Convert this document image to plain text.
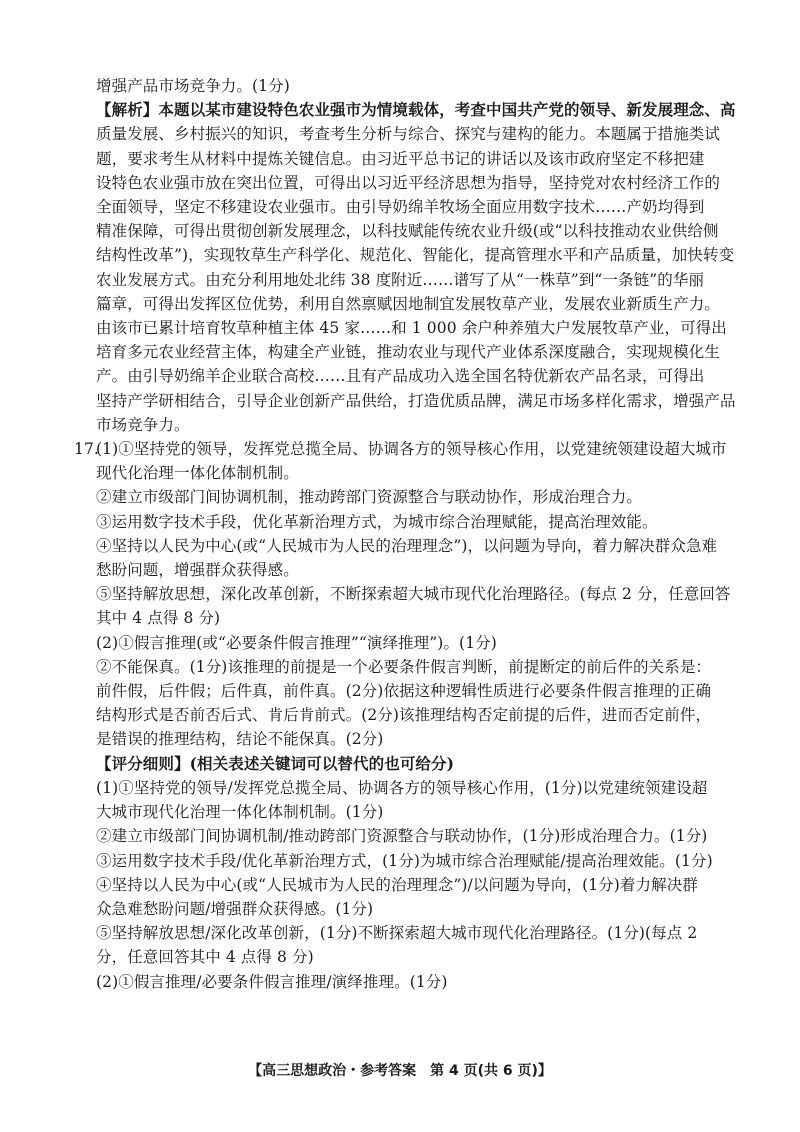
增强产品市场竞争力。(1分)
【解析】本题以某市建设特色农业强市为情境载体，考查中国共产党的领导、新发展理念、高
质量发展、乡村振兴的知识，考查考生分析与综合、探究与建构的能力。本题属于措施类试
题，要求考生从材料中提炼关键信息。由习近平总书记的讲话以及该市政府坚定不移把建
设特色农业强市放在突出位置，可得出以习近平经济思想为指导，坚持党对农村经济工作的
全面领导，坚定不移建设农业强市。由引导奶绵羊牧场全面应用数字技术……产奶均得到
精准保障，可得出贯彻创新发展理念，以科技赋能传统农业升级(或“以科技推动农业供给侧
结构性改革”)，实现牧草生产科学化、规范化、智能化，提高管理水平和产品质量，加快转变
农业发展方式。由充分利用地处北纬 38 度附近……谱写了从“一株草”到“一条链”的华丽
篇章，可得出发挥区位优势，利用自然禀赋因地制宜发展牧草产业，发展农业新质生产力。
由该市已累计培育牧草种植主体 45 家……和 1 000 余户种养殖大户发展牧草产业，可得出
培育多元农业经营主体，构建全产业链，推动农业与现代产业体系深度融合，实现规模化生
产。由引导奶绵羊企业联合高校……且有产品成功入选全国名特优新农产品名录，可得出
坚持产学研相结合，引导企业创新产品供给，打造优质品牌，满足市场多样化需求，增强产品
市场竞争力。
17.
(1)①坚持党的领导，发挥党总揽全局、协调各方的领导核心作用，以党建统领建设超大城市
现代化治理一体化体制机制。
②建立市级部门间协调机制，推动跨部门资源整合与联动协作，形成治理合力。
③运用数字技术手段，优化革新治理方式，为城市综合治理赋能，提高治理效能。
④坚持以人民为中心(或“人民城市为人民的治理理念”)，以问题为导向，着力解决群众急难
愁盼问题，增强群众获得感。
⑤坚持解放思想，深化改革创新，不断探索超大城市现代化治理路径。(每点 2 分，任意回答
其中 4 点得 8 分)
(2)①假言推理(或“必要条件假言推理”“演绎推理”)。(1分)
②不能保真。(1分)该推理的前提是一个必要条件假言判断，前提断定的前后件的关系是：
前件假，后件假；后件真，前件真。(2分)依据这种逻辑性质进行必要条件假言推理的正确
结构形式是否前否后式、肯后肯前式。(2分)该推理结构否定前提的后件，进而否定前件，
是错误的推理结构，结论不能保真。(2分)
【评分细则】(相关表述关键词可以替代的也可给分)
(1)①坚持党的领导/发挥党总揽全局、协调各方的领导核心作用，(1分)以党建统领建设超
大城市现代化治理一体化体制机制。(1分)
②建立市级部门间协调机制/推动跨部门资源整合与联动协作，(1分)形成治理合力。(1分)
③运用数字技术手段/优化革新治理方式，(1分)为城市综合治理赋能/提高治理效能。(1分)
④坚持以人民为中心(或“人民城市为人民的治理理念”)/以问题为导向，(1分)着力解决群
众急难愁盼问题/增强群众获得感。(1分)
⑤坚持解放思想/深化改革创新，(1分)不断探索超大城市现代化治理路径。(1分)(每点 2
分，任意回答其中 4 点得 8 分)
(2)①假言推理/必要条件假言推理/演绎推理。(1分)
【高三思想政治・参考答案　第 4 页(共 6 页)】
